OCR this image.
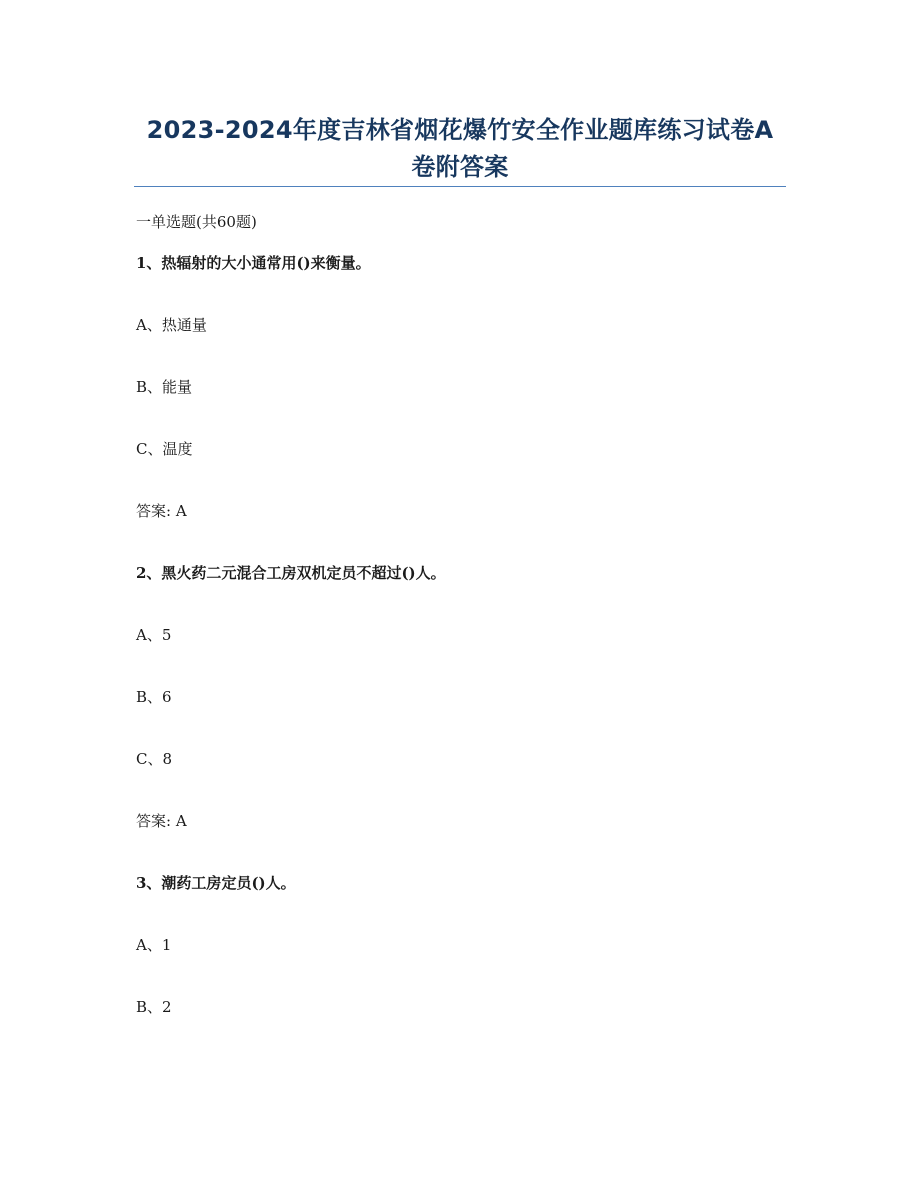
2023-2024年度吉林省烟花爆竹安全作业题库练习试卷A
卷附答案
一单选题(共60题)
1、热辐射的大小通常用()来衡量。
A、热通量
B、能量
C、温度
答案: A
2、黑火药二元混合工房双机定员不超过()人。
A、5
B、6
C、8
答案: A
3、潮药工房定员()人。
A、1
B、2
